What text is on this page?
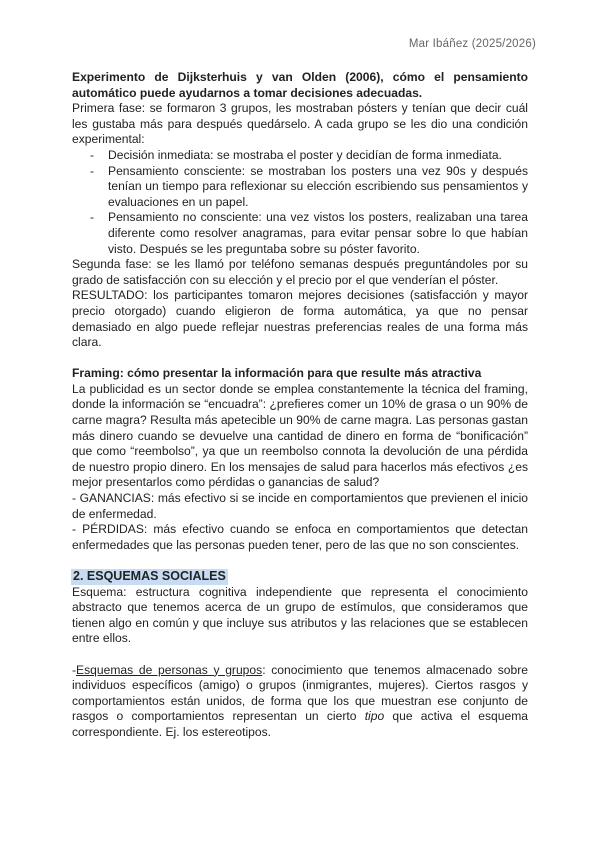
Mar Ibáñez (2025/2026)

Experimento de Dijksterhuis y van Olden (2006), cómo el pensamiento automático puede ayudarnos a tomar decisiones adecuadas.

Primera fase: se formaron 3 grupos, les mostraban pósters y tenían que decir cuál les gustaba más para después quedárselo. A cada grupo se les dio una condición experimental:

- Decisión inmediata: se mostraba el poster y decidían de forma inmediata.
- Pensamiento consciente: se mostraban los posters una vez 90s y después tenían un tiempo para reflexionar su elección escribiendo sus pensamientos y evaluaciones en un papel.
- Pensamiento no consciente: una vez vistos los posters, realizaban una tarea diferente como resolver anagramas, para evitar pensar sobre lo que habían visto. Después se les preguntaba sobre su póster favorito.

Segunda fase: se les llamó por teléfono semanas después preguntándoles por su grado de satisfacción con su elección y el precio por el que venderían el póster.

RESULTADO: los participantes tomaron mejores decisiones (satisfacción y mayor precio otorgado) cuando eligieron de forma automática, ya que no pensar demasiado en algo puede reflejar nuestras preferencias reales de una forma más clara.

Framing: cómo presentar la información para que resulte más atractiva

La publicidad es un sector donde se emplea constantemente la técnica del framing, donde la información se “encuadra”: ¿prefieres comer un 10% de grasa o un 90% de carne magra? Resulta más apetecible un 90% de carne magra. Las personas gastan más dinero cuando se devuelve una cantidad de dinero en forma de “bonificación” que como “reembolso”, ya que un reembolso connota la devolución de una pérdida de nuestro propio dinero. En los mensajes de salud para hacerlos más efectivos ¿es mejor presentarlos como pérdidas o ganancias de salud?

- GANANCIAS: más efectivo si se incide en comportamientos que previenen el inicio de enfermedad.

- PÉRDIDAS: más efectivo cuando se enfoca en comportamientos que detectan enfermedades que las personas pueden tener, pero de las que no son conscientes.

2. ESQUEMAS SOCIALES

Esquema: estructura cognitiva independiente que representa el conocimiento abstracto que tenemos acerca de un grupo de estímulos, que consideramos que tienen algo en común y que incluye sus atributos y las relaciones que se establecen entre ellos.

-Esquemas de personas y grupos: conocimiento que tenemos almacenado sobre individuos específicos (amigo) o grupos (inmigrantes, mujeres). Ciertos rasgos y comportamientos están unidos, de forma que los que muestran ese conjunto de rasgos o comportamientos representan un cierto tipo que activa el esquema correspondiente. Ej. los estereotipos.
